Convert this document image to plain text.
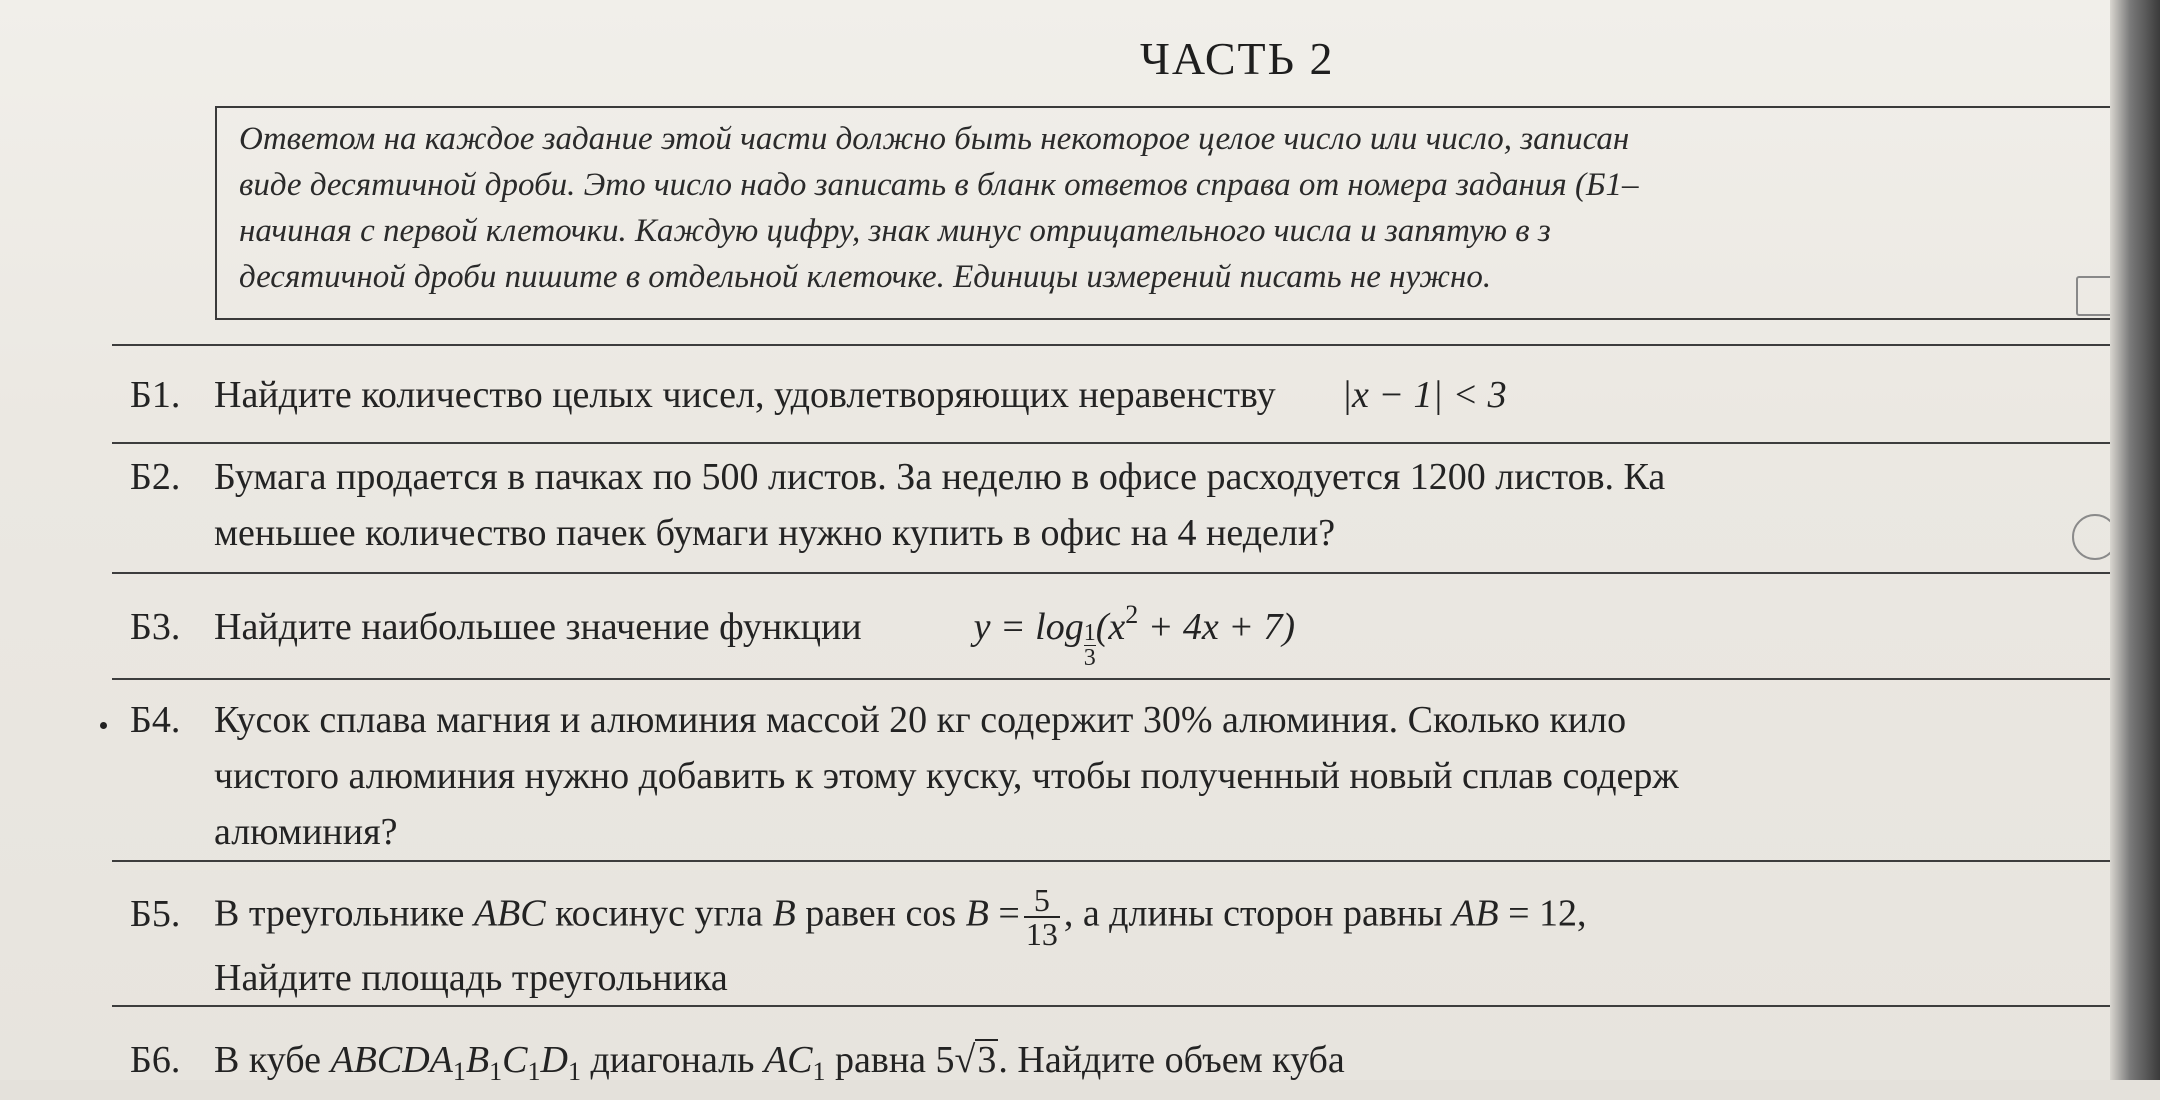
ЧАСТЬ 2
Ответом на каждое задание этой части должно быть некоторое целое число или число, записан
виде десятичной дроби. Это число надо записать в бланк ответов справа от номера задания (Б1–
начиная с первой клеточки. Каждую цифру, знак минус отрицательного числа и запятую в з
десятичной дроби пишите в отдельной клеточке. Единицы измерений писать не нужно.
Б1. Найдите количество целых чисел, удовлетворяющих неравенству |x − 1| < 3
Б2. Бумага продается в пачках по 500 листов. За неделю в офисе расходуется 1200 листов. Ка
меньшее количество пачек бумаги нужно купить в офис на 4 недели?
Б3. Найдите наибольшее значение функции	$y = \log \frac{1}{3} (x^2 + 4x + 7)$
Б4. Кусок сплава магния и алюминия массой 20 кг содержит 30% алюминия. Сколько кило
чистого алюминия нужно добавить к этому куску, чтобы полученный новый сплав содерж
алюминия?
Б5. В треугольнике ABC косинус угла B равен $\cos B = \frac{5}{13}$ , а длины сторон равны AB = 12,
Найдите площадь треугольника
Б6. В кубе $ABCDA_1B_1C_1D_1$ диагональ $AC_1$ равна 5√3. Найдите объем куба
